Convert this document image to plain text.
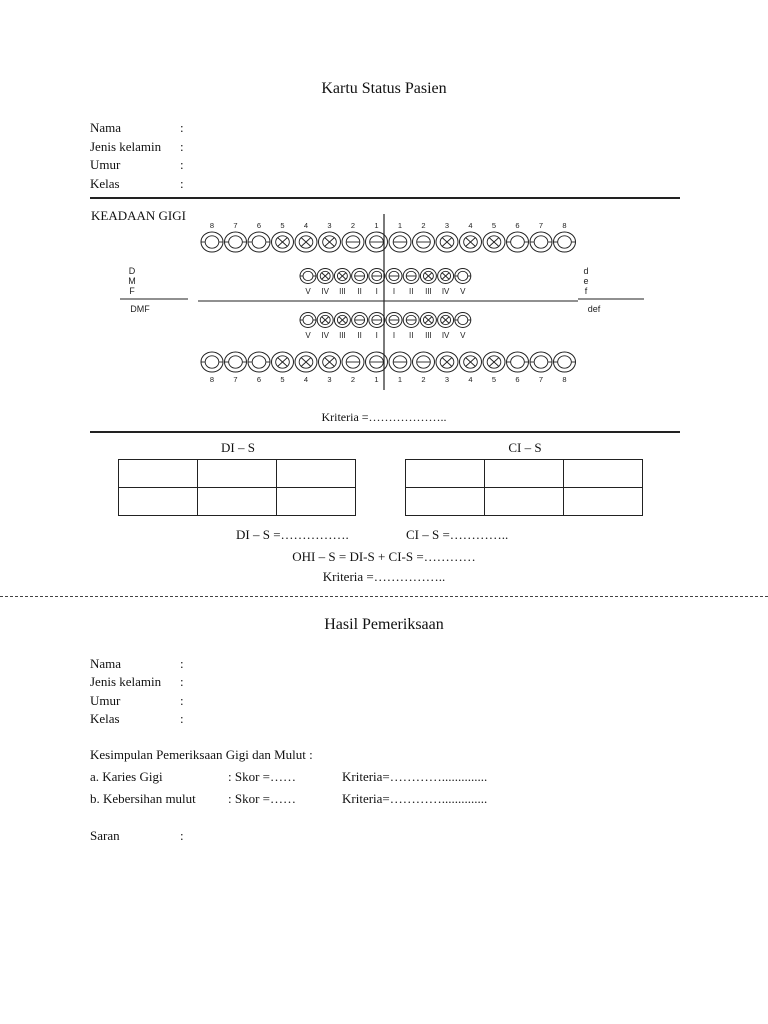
Kartu Status Pasien
Nama	:
Jenis kelamin :
Umur	:
Kelas	:
KEADAAN GIGI
8	7	6	5	4	3	2	1	1	2	3	4	5	6	7	8
V IV III II I I II III IV V
D
M
F
DMF
d
e
f
def
V IV III II I I II III IV V
8	7	6	5	4	3	2	1	1	2	3	4	5	6	7	8
Kriteria =………………..
DI – S	CI – S

DI – S =…………….	CI – S =…………..
OHI – S = DI-S + CI-S =…………
Kriteria =……………..
Hasil Pemeriksaan
Nama	:
Jenis kelamin :
Umur	:
Kelas	:
Kesimpulan Pemeriksaan Gigi dan Mulut :
a. Karies Gigi	: Skor =……	Kriteria=…………..............
b. Kebersihan mulut : Skor =……	Kriteria=…………..............
Saran	:
